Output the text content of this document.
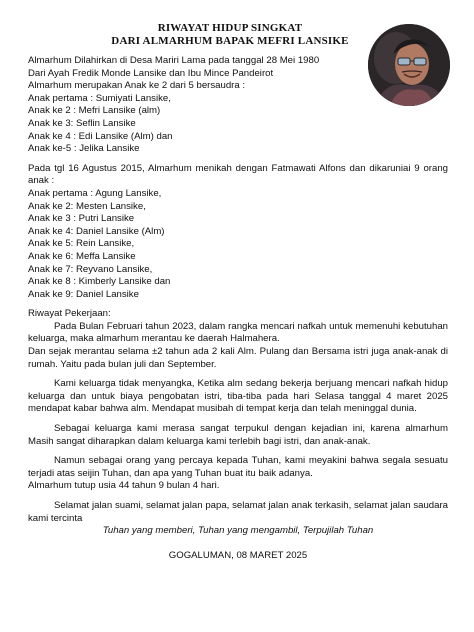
RIWAYAT HIDUP SINGKAT
DARI ALMARHUM BAPAK MEFRI LANSIKE
Almarhum Dilahirkan di Desa Mariri Lama pada tanggal 28 Mei 1980
Dari Ayah Fredik Monde Lansike dan Ibu Mince Pandeirot
Almarhum merupakan Anak ke 2 dari 5 bersaudra :
Anak pertama : Sumiyati Lansike,
Anak ke 2 : Mefri Lansike (alm)
Anak ke 3: Seflin Lansike
Anak ke 4 : Edi Lansike (Alm) dan
Anak ke-5 : Jelika Lansike

Pada tgl 16 Agustus 2015, Almarhum menikah dengan Fatmawati Alfons dan dikaruniai 9 orang anak :

Anak pertama : Agung Lansike,
Anak ke 2: Mesten Lansike,
Anak ke 3 : Putri Lansike
Anak ke 4: Daniel Lansike (Alm)
Anak ke 5: Rein Lansike,
Anak ke 6: Meffa Lansike
Anak ke 7: Reyvano Lansike,
Anak ke 8 : Kimberly Lansike dan
Anak ke 9: Daniel Lansike
Riwayat Pekerjaan:

Pada Bulan Februari tahun 2023, dalam rangka mencari nafkah untuk memenuhi kebutuhan keluarga, maka almarhum merantau ke daerah Halmahera.

Dan sejak merantau selama ±2 tahun ada 2 kali Alm. Pulang dan Bersama istri juga anak-anak di rumah. Yaitu pada bulan juli dan September.

Kami keluarga tidak menyangka, Ketika alm sedang bekerja berjuang mencari nafkah hidup keluarga dan untuk biaya pengobatan istri, tiba-tiba pada hari Selasa tanggal 4 maret 2025 mendapat kabar bahwa alm. Mendapat musibah di tempat kerja dan telah meninggal dunia.

Sebagai keluarga kami merasa sangat terpukul dengan kejadian ini, karena almarhum Masih sangat diharapkan dalam keluarga kami terlebih bagi istri, dan anak-anak.

Namun sebagai orang yang percaya kepada Tuhan, kami meyakini bahwa segala sesuatu terjadi atas seijin Tuhan, dan apa yang Tuhan buat itu baik adanya.

Almarhum tutup usia 44 tahun 9 bulan 4 hari.

Selamat jalan suami, selamat jalan papa, selamat jalan anak terkasih, selamat jalan saudara kami tercinta

Tuhan yang memberi, Tuhan yang mengambil, Terpujilah Tuhan
GOGALUMAN, 08 MARET 2025
